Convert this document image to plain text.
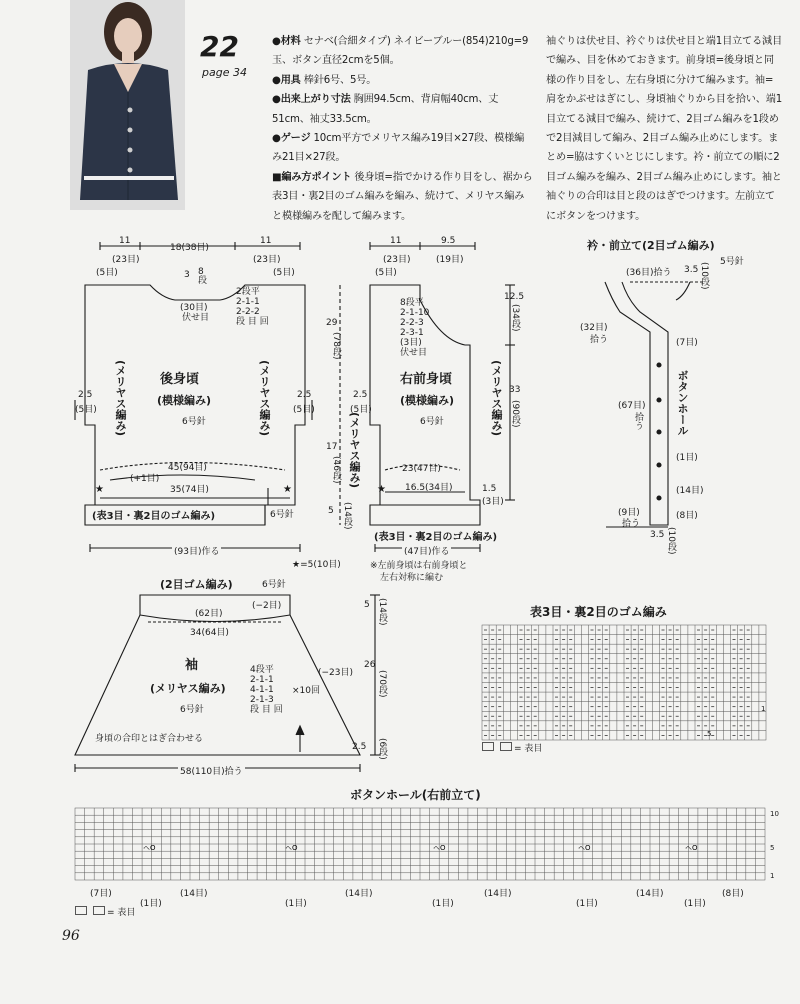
22
page 34
●材料 セナベ(合細タイプ) ネイビーブルー(854)210g=9玉、ボタン直径2cmを5個。
●用具 棒針6号、5号。
●出来上がり寸法 胸囲94.5cm、背肩幅40cm、丈51cm、袖丈33.5cm。
●ゲージ 10cm平方でメリヤス編み19目×27段、模様編み21目×27段。
■編み方ポイント 後身頃=指でかける作り目をし、裾から表3目・裏2目のゴム編みを編み、続けて、メリヤス編みと模様編みを配して編みます。
袖ぐりは伏せ目、衿ぐりは伏せ目と端1目立てる減目で編み、目を休めておきます。前身頃=後身頃と同様の作り目をし、左右身頃に分けて編みます。袖=肩をかぶせはぎにし、身頃袖ぐりから目を拾い、端1目立てる減目で編み、続けて、2目ゴム編みを1段めで2目減目して編み、2目ゴム編み止めにします。まとめ=脇はすくいとじにします。衿・前立ての順に2目ゴム編みを編み、2目ゴム編み止めにします。袖と袖ぐりの合印は目と段のはぎでつけます。左前立てにボタンをつけます。
ヘO	ヘO	ヘO	ヘO	ヘO
11
(23目)
18(38目)
11
(23目)
(5目)	(5目)
3 8
段
(30目)
伏せ目
2段平
2-1-1
2-2-2
段 目 回
後身頃
(模様編み)
6号針
(メリヤス編み)	(メリヤス編み)
2.5
(5目)
2.5
(5目)
45(94目)
(+1目)
35(74目)
★	★
(表3目・裏2目のゴム編み)	6号針
(93目)作る
★=5(10目)
11
(23目)
9.5
(19目)
(5目)
8段平
2-1-10
2-2-3
2-3-1
(3目)
伏せ目
12.5
(34段)
29
(78段)
33
(90段)
17
(46段)
5 (14段)
2.5
(5目)
右前身頃
(模様編み)
6号針
(メリヤス編み)
(メリヤス編み)
23(47目)
16.5(34目)
★	1.5
(3目)
(表3目・裏2目のゴム編み)
(47目)作る
※左前身頃は右前身頃と
左右対称に編む
衿・前立て(2目ゴム編み)
5号針
(36目)拾う 3.5 (10段)
(32目)
拾う	(7目)
ボタンホール
(1目)
(67目)
拾う
(14目)
(9目)
拾う
(8目)
3.5 (10段)
(2目ゴム編み)	6号針
(62目)
(−2目)
34(64目)
5 (14段)
26
(70段)
(−23目)
袖
(メリヤス編み)
6号針
4段平
2-1-1
4-1-1
2-1-3
段 目 回
×10回
身頃の合印とはぎ合わせる
2.5 (6段)
58(110目)拾う
表3目・裏2目のゴム編み
1
5
= 表目
ボタンホール(右前立て)
10
5
1
(7目)
(1目)
(14目)
(1目)
(14目)
(1目)
(14目)
(1目)
(14目)
(1目)
(8目)
= 表目
96
